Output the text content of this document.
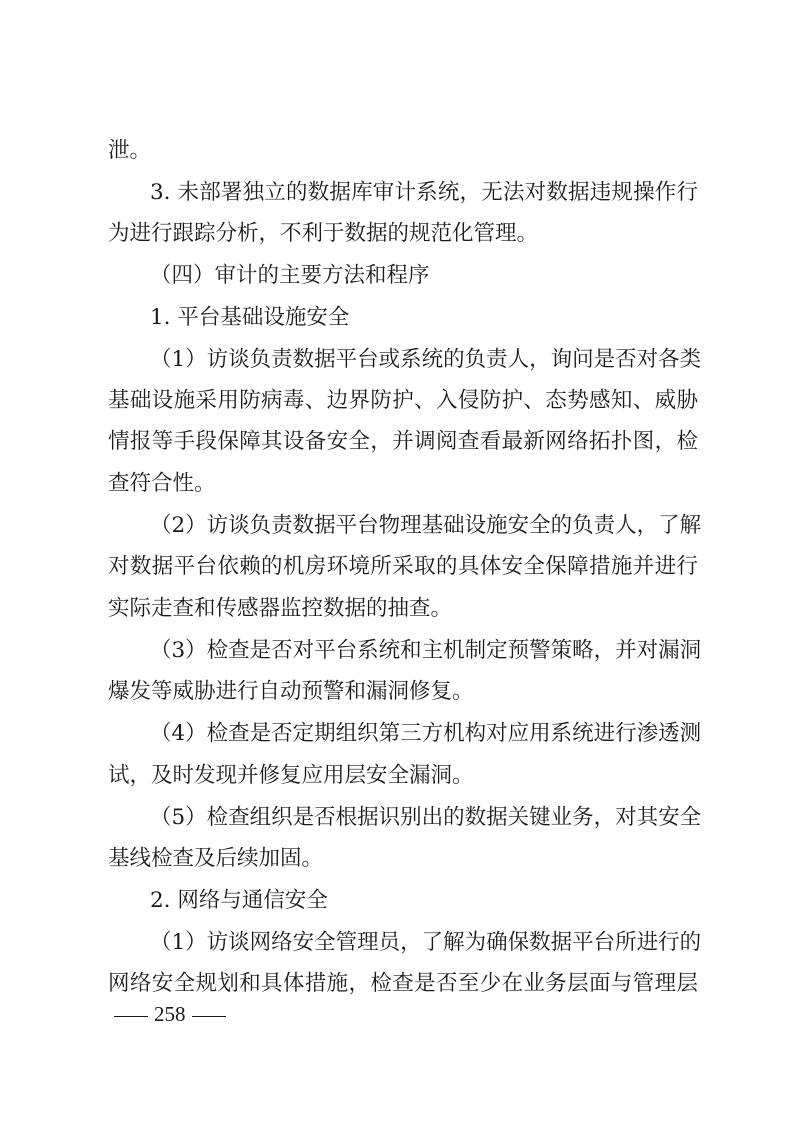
泄。
3. 未部署独立的数据库审计系统，无法对数据违规操作行
为进行跟踪分析，不利于数据的规范化管理。
（四）审计的主要方法和程序
1. 平台基础设施安全
（1）访谈负责数据平台或系统的负责人，询问是否对各类
基础设施采用防病毒、边界防护、入侵防护、态势感知、威胁
情报等手段保障其设备安全，并调阅查看最新网络拓扑图，检
查符合性。
（2）访谈负责数据平台物理基础设施安全的负责人，了解
对数据平台依赖的机房环境所采取的具体安全保障措施并进行
实际走查和传感器监控数据的抽查。
（3）检查是否对平台系统和主机制定预警策略，并对漏洞
爆发等威胁进行自动预警和漏洞修复。
（4）检查是否定期组织第三方机构对应用系统进行渗透测
试，及时发现并修复应用层安全漏洞。
（5）检查组织是否根据识别出的数据关键业务，对其安全
基线检查及后续加固。
2. 网络与通信安全
（1）访谈网络安全管理员，了解为确保数据平台所进行的
网络安全规划和具体措施，检查是否至少在业务层面与管理层
258
